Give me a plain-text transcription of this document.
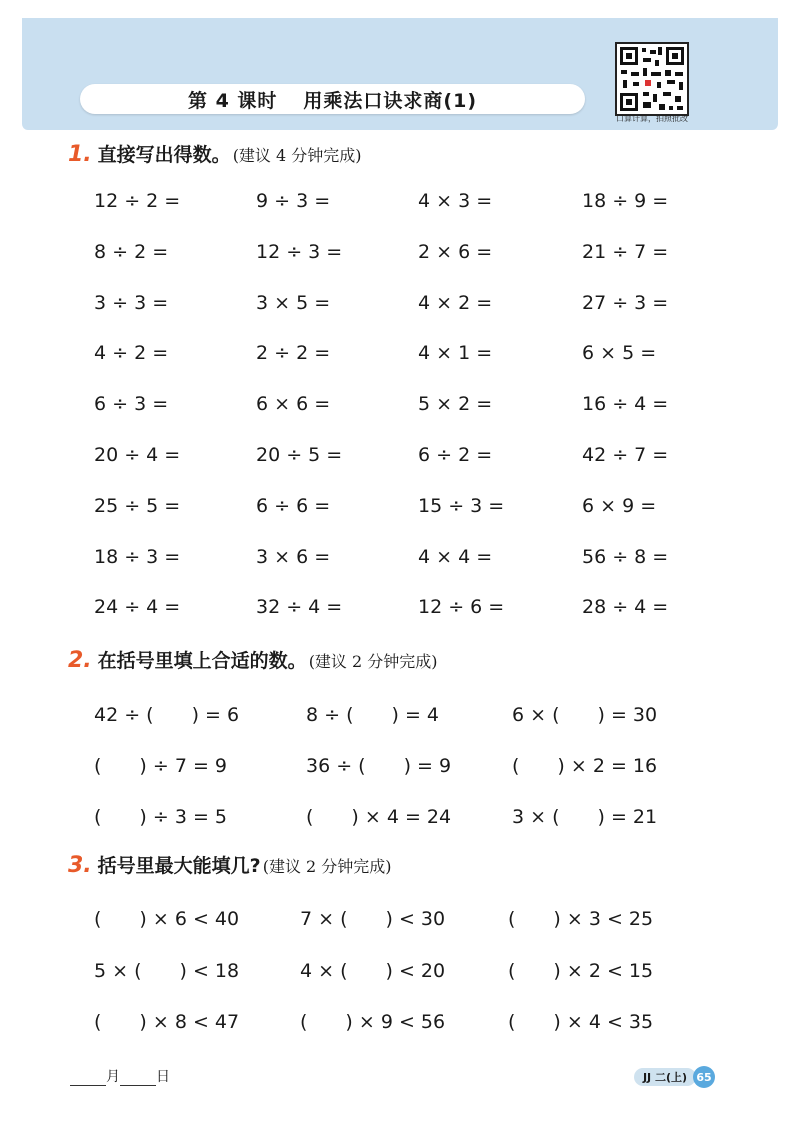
第 4 课时 用乘法口诀求商(1)
口算计算，拍照批改
1. 直接写出得数。 (建议 4 分钟完成)
12 ÷ 2 =	9 ÷ 3 =	4 × 3 =	18 ÷ 9 =
8 ÷ 2 =	12 ÷ 3 =	2 × 6 =	21 ÷ 7 =
3 ÷ 3 =	3 × 5 =	4 × 2 =	27 ÷ 3 =
4 ÷ 2 =	2 ÷ 2 =	4 × 1 =	6 × 5 =
6 ÷ 3 =	6 × 6 =	5 × 2 =	16 ÷ 4 =
20 ÷ 4 =	20 ÷ 5 =	6 ÷ 2 =	42 ÷ 7 =
25 ÷ 5 =	6 ÷ 6 =	15 ÷ 3 =	6 × 9 =
18 ÷ 3 =	3 × 6 =	4 × 4 =	56 ÷ 8 =
24 ÷ 4 =	32 ÷ 4 =	12 ÷ 6 =	28 ÷ 4 =
2. 在括号里填上合适的数。 (建议 2 分钟完成)
42 ÷ (　　) = 6	8 ÷ (　　) = 4	6 × (　　) = 30
(　　) ÷ 7 = 9	36 ÷ (　　) = 9	(　　) × 2 = 16
(　　) ÷ 3 = 5	(　　) × 4 = 24	3 × (　　) = 21
3. 括号里最大能填几? (建议 2 分钟完成)
(　　) × 6 < 40	7 × (　　) < 30	(　　) × 3 < 25
5 × (　　) < 18	4 × (　　) < 20	(　　) × 2 < 15
(　　) × 8 < 47	(　　) × 9 < 56	(　　) × 4 < 35
月	日	JJ 二(上) 65
